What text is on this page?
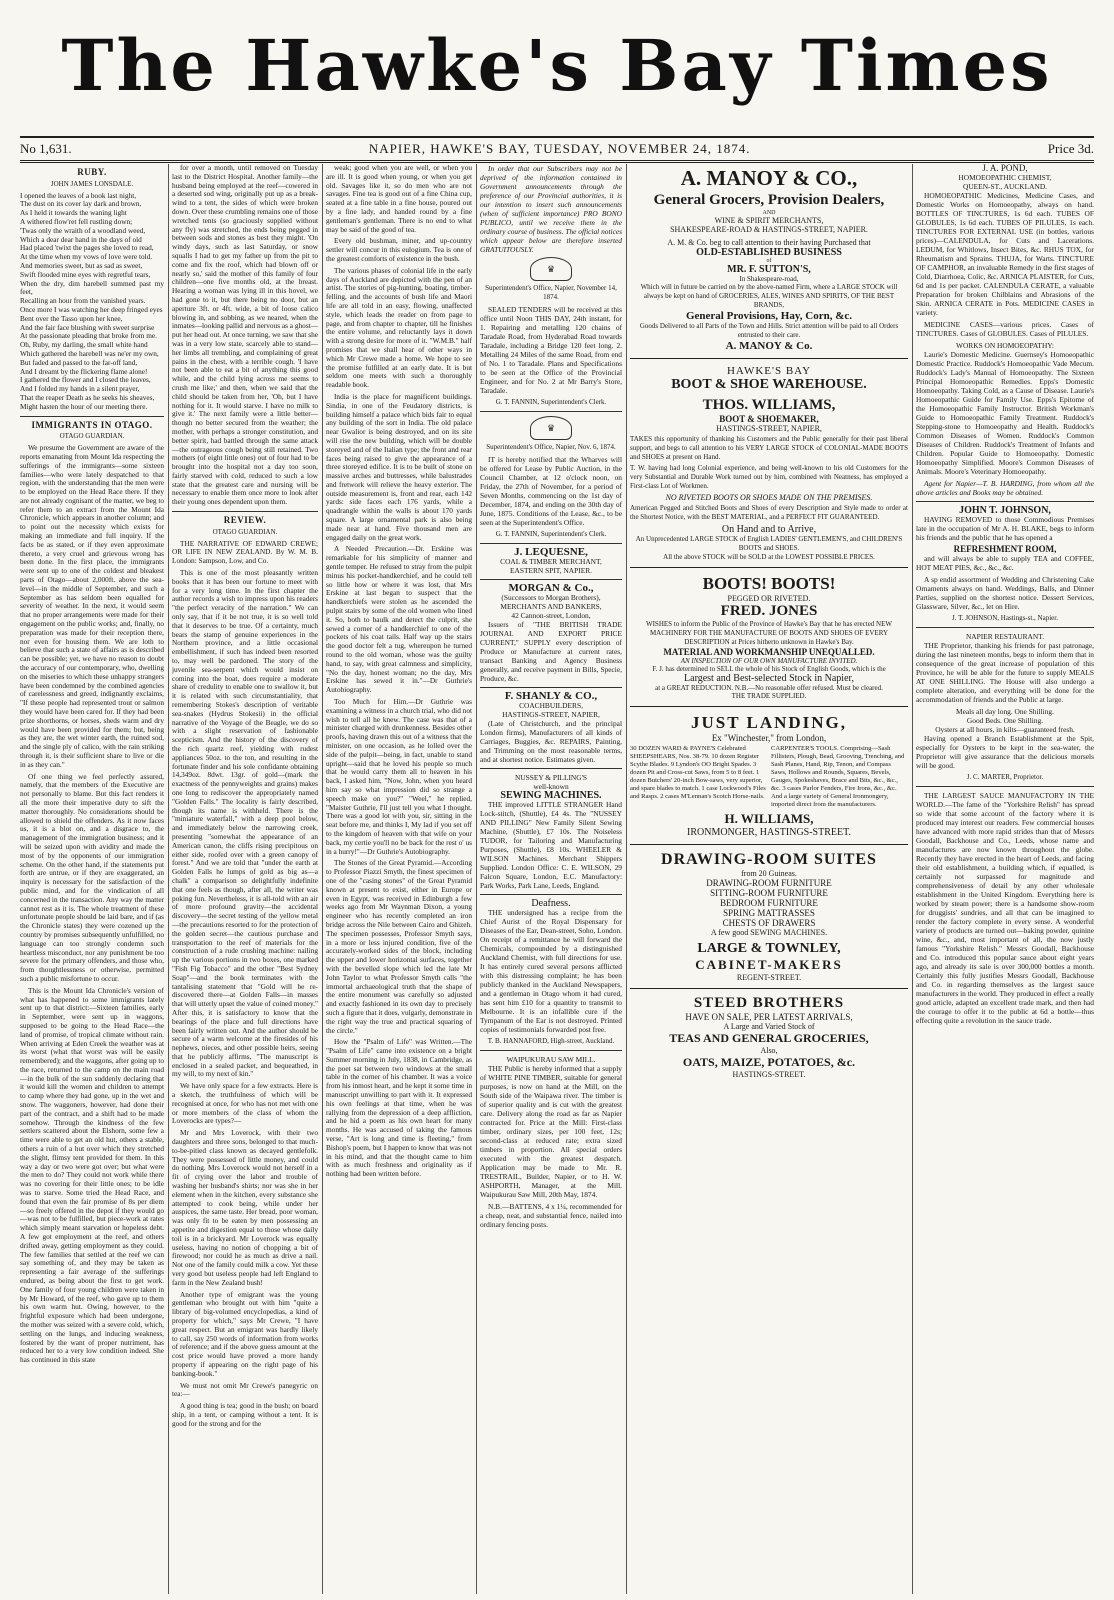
The Hawke's Bay Times
No 1,631.	NAPIER, HAWKE'S BAY, TUESDAY, NOVEMBER 24, 1874.	Price 3d.
RUBY.
JOHN JAMES LONSDALE.

I opened the leaves of a book last night,

The dust on its cover lay dark and brown,

As I held it towards the waning light

A withered flow'ret fell rustling down;

'Twas only the wraith of a woodland weed,

Which a dear dear hand in the days of old

Had placed 'twixt the pages she loved to read,

At the time when my vows of love were told.

And memories sweet, but as sad as sweet,

Swift flooded mine eyes with regretful tears,

When the dry, dim harebell summed past my feet,

Recalling an hour from the vanished years.

Once more I was watching her deep fringed eyes

Bent over the Tasso upon her knee,

And the fair face blushing with sweet surprise

At the passionate pleading that broke from me.

Oh, Ruby, my darling, the small white hand

Which gathered the harebell was ne'er my own,

But faded and passed to the far-off land,

And I dreamt by the flickering flame alone!

I gathered the flower and I closed the leaves,

And I folded my hands in a silent prayer,

That the reaper Death as he seeks his sheaves,

Might hasten the hour of our meeting there.

IMMIGRANTS IN OTAGO.
OTAGO GUARDIAN.

We presume the Government are aware of the reports emanating from Mount Ida respecting the sufferings of the immigrants—some sixteen families—who were lately despatched to that region, with the understanding that the men were to be employed on the Head Race there. If they are not already cognisant of the matter, we beg to refer them to an extract from the Mount Ida Chronicle, which appears in another column; and to point out the necessity which exists for making an immediate and full inquiry. If the facts be as stated, or if they even approximate thereto, a very cruel and grievous wrong has been done. In the first place, the immigrants were sent up to one of the coldest and bleakest parts of Otago—about 2,000ft. above the sea-level—in the middle of September, and such a September as has seldom been equalled for severity of weather. In the next, it would seem that no proper arrangements were made for their engagement on the public works; and, finally, no preparation was made for their reception there, nor even for housing them. We are loth to believe that such a state of affairs as is described can be possible; yet, we have no reason to doubt the accuracy of our contemporary, who, dwelling on the miseries to which these unhappy strangers have been condemned by the combined agencies of carelessness and greed, indignantly exclaims, "If these people had represented trout or salmon they would have been cared for. If they had been prize shorthorns, or horses, sheds warm and dry would have been provided for them; but, being as they are, the wet winter earth, the ruined sod, and the single ply of calico, with the rain striking through it, is their sufficient share to live or die in as they can."

Of one thing we feel perfectly assured, namely, that the members of the Executive are not personally to blame. But this fact renders it all the more their imperative duty to sift the matter thoroughly. No considerations should be allowed to shield the offenders. As it now faces us, it is a blot on, and a disgrace to, the management of the immigration business; and it will be seized upon with avidity and made the most of by the opponents of our immigration scheme. On the other hand, if the statements put forth are untrue, or if they are exaggerated, an inquiry is necessary for the satisfaction of the public mind, and for the vindication of all concerned in the transaction. Any way the matter cannot rest as it is. The whole treatment of these unfortunate people should be laid bare, and if (as the Chronicle states) they were cozened up the country by promises subsequently unfulfilled, no language can too strongly condemn such heartless misconduct, nor any punishment be too severe for the primary offenders, and those who, from thoughtlessness or otherwise, permitted such a public misfortune to occur.

This is the Mount Ida Chronicle's version of what has happened to some immigrants lately sent up to that district:—Sixteen families, early in September, were sent up in waggons, supposed to be going to the Head Race—the land of promise, of tropical climate without rain. When arriving at Eden Creek the weather was at its worst (what that worst was will be easily remembered); and the waggons, after going up to the race, returned to the camp on the main road—in the bulk of the sun suddenly declaring that it would kill the women and children to attempt to camp where they had gone, up in the wet and snow. The waggoners, however, had done their part of the contract, and a shift had to be made somehow. Through the kindness of the few settlers scattered about the Elshorn, some few a time were able to get an old hut, others a stable, others a ruin of a hut over which they stretched the slight, flimsy tent provided for them. In this way a day or two were got over; but what were the men to do? They could not work while there was no covering for their little ones; to be idle was to starve. Some tried the Head Race, and found that even the fair promise of 8s per diem—so freely offered in the depot if they would go—was not to be fulfilled, but piece-work at rates which simply meant starvation or hopeless debt. A few got employment at the reef, and others drifted away, getting employment as they could. The few families that settled at the reef we can say something of, and they may be taken as representing a fair average of the sufferings endured, as being about the first to get work. One family of four young children were taken in by Mr Howard, of the reef, who gave up to them his own warm hut. Owing, however, to the frightful exposure which had been undergone, the mother was seized with a severe cold, which, settling on the lungs, and inducing weakness, fostered by the want of proper nutriment, has reduced her to a very low condition indeed. She has continued in this state

for over a month, until removed on Tuesday last to the District Hospital. Another family—the husband being employed at the reef—cowered in a deserted sod wing, originally put up as a break-wind to a tent, the sides of which were broken down. Over these crumbling remains one of those wretched tents (so graciously supplied without any fly) was stretched, the ends being pegged in between sods and stones as best they might. 'On windy days, such as last Saturday, or snow squalls I had to get my father up from the pit to come and fix the roof, which had blown off or nearly so,' said the mother of this family of four children—one five months old, at the breast. Hearing a woman was lying ill in this hovel, we had gone to it, but there being no door, but an aperture 3ft. or 4ft. wide, a bit of loose calico blowing in, and sobbing, as we neared, when the inmates—looking pallid and nervous as a ghost—put her head out. At once turning, we saw that she was in a very low state, scarcely able to stand—her limbs all trembling, and complaining of great pains in the chest, with a terrible cough. 'I have not been able to eat a bit of anything this good while, and the child lying across me seems to crush me like;' and then, when we said that the child should be taken from her, 'Oh, but I have nothing for it. It would starve. I have no milk to give it.' The next family were a little better—though no better secured from the weather; the mother, with perhaps a stronger constitution, and better spirit, had battled through the same attack—the outrageous cough being still retained. Two mothers (of eight little ones) out of four had to be brought into the hospital not a day too soon, fairly starved with cold, reduced to such a low state that the greatest care and nursing will be necessary to enable them once more to look after their young ones dependent upon them.

REVIEW.
OTAGO GUARDIAN.

THE NARRATIVE OF EDWARD CREWE; OR LIFE IN NEW ZEALAND. By W. M. B. London: Sampson, Low, and Co.

This is one of the most pleasantly written books that it has been our fortune to meet with for a very long time. In the first chapter the author records a wish to impress upon his readers "the perfect veracity of the narration." We can only say, that if it be not true, it is so well told that it deserves to be true. Of a certainty, much bears the stamp of genuine experiences in the Northern province, and a little occasional embellishment, if such has indeed been resorted to, may well be pardoned. The story of the juvenile sea-serpent which would insist on coming into the boat, does require a moderate share of credulity to enable one to swallow it, but it is related with such circumstantiality, that remembering Stokes's description of veritable sea-snakes (Hydrus Stokesii) in the official narrative of the Voyage of the Beagle, we do so with a slight reservation of fashionable scepticism. And the history of the discovery of the rich quartz reef, yielding with rudest appliances 50oz. to the ton, and resulting in the fortunate finder and his sole confidante obtaining 14,349oz. 8dwt. 13gr. of gold—(mark the exactness of the pennyweights and grains) makes one long to rediscover the appropriately named "Golden Falls." The locality is fairly described, though its name is withheld. There is the "miniature waterfall," with a deep pool below, and immediately below the narrowing creek, presenting "somewhat the appearance of an American canon, the cliffs rising precipitous on either side, roofed over with a green canopy of forest." And we are told that "under the earth at Golden Falls he lumps of gold as big as—a chalk" a comparison so delightfully indefinite that one feels as though, after all, the writer was poking fun. Nevertheless, it is all-told with an air of more profound gravity—the accidental discovery—the secret testing of the yellow metal—the precautions resorted to for the protection of the golden secret—the cautious purchase and transportation to the reef of materials for the construction of a rude crushing machine: nailing up the various portions in two boxes, one marked "Fish Fig Tobacco" and the other "Best Sydney Soap"—and the book terminates with the tantalising statement that "Gold will be re-discovered there—at Golden Falls—in masses that will utterly upset the value of coined money." After this, it is satisfactory to know that the bearings of the place and full directions have been fairly written out. And the author should be secure of a warm welcome at the firesides of his nephews, nieces, and other possible heirs, seeing that he publicly affirms, "The manuscript is enclosed in a sealed packet, and bequeathed, in my will, to my next of kin."

We have only space for a few extracts. Here is a sketch, the truthfulness of which will be recognised at once, for who has not met with one or more members of the class of whom the Loverocks are types?—

Mr and Mrs Loverock, with their two daughters and three sons, belonged to that much-to-be-pitied class known as decayed gentlefolk. They were possessed of little money, and could do nothing. Mrs Loverock would not herself in a fit of crying over the labor and trouble of washing her husband's shirts; nor was she in her element when in the kitchen, every substance she attempted to cook being, while under her auspices, the same taste. Her bread, poor woman, was only fit to be eaten by men possessing an appetite and digestion equal to those whose daily toil is in a brickyard. Mr Loverock was equally useless, having no notion of chopping a bit of firewood; nor could he as much as drive a nail. Not one of the family could milk a cow. Yet these very good but useless people had left England to farm in the New Zealand bush!

Another type of emigrant was the young gentleman who brought out with him "quite a library of big-volumed encyclopedias, a kind of property for which," says Mr Crewe, "I have great respect. But an emigrant was hardly likely to call, say 250 words of information from works of reference; and if the above guess amount at the cost price would have proved a more handy property if appearing on the right page of his banking-book."

We must not omit Mr Crewe's panegyric on tea:—

A good thing is tea; good in the bush; on board ship, in a tent, or camping without a tent. It is good for the strong and for the

weak; good when you are well, or when you are ill. It is good when young, or when you get old. Savages like it, so do men who are not savages. Fine tea is good out of a fine China cup, seated at a fine table in a fine house, poured out by a fine lady, and handed round by a fine gentleman's gentleman. There is no end to what may be said of the good of tea.

Every old bushman, miner, and up-country settler will concur in this eulogium. Tea is one of the greatest comforts of existence in the bush.

The various phases of colonial life in the early days of Auckland are depicted with the pen of an artist. The stories of pig-hunting, boating, timber-felling, and the accounts of bush life and Maori life are all told in an easy, flowing, unaffected style, which leads the reader on from page to page, and from chapter to chapter, till he finishes the entire volume, and reluctantly lays it down with a strong desire for more of it. "W.M.B." half promises that we shall hear of other ways in which Mr Crewe made a home. We hope to see the promise fulfilled at an early date. It is but seldom one meets with such a thoroughly readable book.

India is the place for magnificent buildings. Sindia, in one of the Feudatory districts, is building himself a palace which bids fair to equal any building of the sort in India. The old palace near Gwalior is being destroyed, and on its site will rise the new building, which will be double storeyed and of the Italian type; the front and rear faces being raised to give the appearance of a three storeyed edifice. It is to be built of stone on massive arches and buttresses, while balustrades and fretwork will relieve the heavy exterior. The outside measurement is, front and rear, each 142 yards: side faces each 176 yards, while a quadrangle within the walls is about 170 yards square. A large ornamental park is also being made near at hand. Five thousand men are engaged daily on the great work.

A Needed Precaution.—Dr. Erskine was remarkable for his simplicity of manner and gentle temper. He refused to stray from the pulpit minus his pocket-handkerchief, and he could tell so little how or where it was lost, that Mrs Erskine at last began to suspect that the handkerchiefs were stolen as he ascended the pulpit stairs by some of the old women who lined it. So, both to baulk and detect the culprit, she sewed a corner of a handkerchief to one of the pockets of his coat tails. Half way up the stairs the good doctor felt a tug, whereupon he turned round to the old woman, whose was the guilty hand, to say, with great calmness and simplicity, "No the day, honest woman; no the day, Mrs Erskine has sewed it in."—Dr Guthrie's Autobiography.

Too Much for Him.—Dr Guthrie was examining a witness in a church trial, who did not wish to tell all he knew. The case was that of a minister charged with drunkenness. Besides other proofs, having drawn this out of a witness that the minister, on one occasion, as he lolled over the side of the pulpit—being, in fact, unable to stand upright—said that he loved his people so much that he would carry them all to heaven in his back, I asked him, "Now, John, when you heard him say so what impression did so strange a speech make on you?" "Weel," he replied, "Maister Guthrie, I'll just tell you what I thought. There was a good lot with you, sir, sitting in the seat before me, and thinks I, My lad if you set off to the kingdom of heaven with that wife on your back, my certie you'll no be back for the rest o' us in a hurry!"—Dr Guthrie's Autobiography.

The Stones of the Great Pyramid.—According to Professor Piazzi Smyth, the finest specimen of one of the "casing stones" of the Great Pyramid known at present to exist, either in Europe or even in Egypt, was received in Edinburgh a few weeks ago from Mr Waynman Dixon, a young engineer who has recently completed an iron bridge across the Nile between Cairo and Ghizeh. The specimen possesses, Professor Smyth says, in a more or less injured condition, five of the accurately-worked sides of the block, including the upper and lower horizontal surfaces, together with the bevelled slope which led the late Mr John Taylor to what Professor Smyth calls "the immortal archaeological truth that the shape of the entire monument was carefully so adjusted and exactly fashioned in its own day to precisely such a figure that it does, vulgarly, demonstrate in the right way the true and practical squaring of the circle."

How the "Psalm of Life" was Written.—The "Psalm of Life" came into existence on a bright Summer morning in July, 1838, in Cambridge, as the poet sat between two windows at the small table in the corner of his chamber. It was a voice from his inmost heart, and he kept it some time in manuscript unwilling to part with it. It expressed his own feelings at that time, when he was rallying from the depression of a deep affliction, and he hid a poem as his own heart for many months. He was accused of taking the famous verse, "Art is long and time is fleeting," from Bishop's poem, but I happen to know that was not in his mind, and that the thought came to him with as much freshness and originality as if nothing had been written before.

In order that our Subscribers may not be deprived of the information contained in Government announcements through the preference of our Provincial authorities, it is our intention to insert such announcements (when of sufficient importance) PRO BONO PUBLICO, until we receive them in the ordinary course of business. The official notices which appear below are therefore inserted GRATUITOUSLY.

♛
Superintendent's Office, Napier, November 14, 1874.

SEALED TENDERS will be received at this office until Noon THIS DAY, 24th instant, for 1. Repairing and metalling 120 chains of Taradale Road, from Hyderabad Road towards Taradale, including a Bridge 120 feet long. 2. Metalling 24 Miles of the same Road, from end of No. 1 to Taradale. Plans and Specifications to be seen at the Office of the Provincial Engineer, and for No. 2 at Mr Barry's Store, Taradale.

G. T. FANNIN, Superintendent's Clerk.
♛
Superintendent's Office, Napier, Nov. 6, 1874.

IT is hereby notified that the Wharves will be offered for Lease by Public Auction, in the Council Chamber, at 12 o'clock noon, on Friday, the 27th of November, for a period of Seven Months, commencing on the 1st day of December, 1874, and ending on the 30th day of June, 1875. Conditions of the Lease, &c., to be seen at the Superintendent's Office.

G. T. FANNIN, Superintendent's Clerk.
J. LEQUESNE,
COAL & TIMBER MERCHANT,
EASTERN SPIT, NAPIER.
MORGAN & Co.,
(Successors to Morgan Brothers),
MERCHANTS AND BANKERS,
42 Cannon-street, London,

Issuers of "THE BRITISH TRADE JOURNAL AND EXPORT PRICE CURRENT," SUPPLY every description of Produce or Manufacture at current rates, transact Banking and Agency Business generally, and receive payment in Bills, Specie, Produce, &c.

F. SHANLY & CO.,
COACHBUILDERS,
HASTINGS-STREET, NAPIER,

(Late of Christchurch, and the principal London firms), Manufacturers of all kinds of Carriages, Buggies, &c. REPAIRS, Painting, and Trimming on the most reasonable terms, and at shortest notice. Estimates given.

NUSSEY & PILLING'S
well-known
SEWING MACHINES.

THE improved LITTLE STRANGER Hand Lock-stitch, (Shuttle), £4 4s. The "NUSSEY AND PILLING" New Family Silent Sewing Machine, (Shuttle), £7 10s. The Noiseless TUDOR, for Tailoring and Manufacturing Purposes, (Shuttle), £8 10s. WHEELER & WILSON Machines. Merchant Shippers Supplied. London Office: C. E. WILSON, 29 Falcon Square, London, E.C. Manufactory: Park Works, Park Lane, Leeds, England.

Deafness.

THE undersigned has a recipe from the Chief Aurist of the Royal Dispensary for Diseases of the Ear, Dean-street, Soho, London. On receipt of a remittance he will forward the Chemicals, compounded by a distinguished Auckland Chemist, with full directions for use. It has entirely cured several persons afflicted with this distressing complaint; he has been publicly thanked in the Auckland Newspapers, and a gentleman in Otago whom it had cured, has sent him £10 for a quantity to transmit to Melbourne. It is an infallible cure if the Tympanum of the Ear is not destroyed. Printed copies of testimonials forwarded post free.

T. B. HANNAFORD, High-street, Auckland.
WAIPUKURAU SAW MILL.

THE Public is hereby informed that a supply of WHITE PINE TIMBER, suitable for general purposes, is now on hand at the Mill, on the South side of the Waipawa river. The timber is of superior quality and is cut with the greatest care. Delivery along the road as far as Napier contracted for. Price at the Mill: First-class timber, ordinary sizes, per 100 feet, 12s; second-class at reduced rate; extra sized timbers in proportion. All special orders executed with the greatest despatch. Application may be made to Mr. R. TRESTRAIL, Builder, Napier, or to H. W. ASHPORTH, Manager, at the Mill. Waipukurau Saw Mill, 20th May, 1874.

N.B.—BATTENS, 4 x 1¼, recommended for a cheap, neat, and substantial fence, nailed into ordinary fencing posts.

A. MANOY & CO.,
General Grocers, Provision Dealers,
AND
WINE & SPIRIT MERCHANTS,
SHAKESPEARE-ROAD & HASTINGS-STREET, NAPIER.
A. M. & Co. beg to call attention to their having Purchased that
OLD-ESTABLISHED BUSINESS
of
MR. F. SUTTON'S,
In Shakespeare-road,
Which will in future be carried on by the above-named Firm, where a LARGE STOCK will always be kept on hand of GROCERIES, ALES, WINES AND SPIRITS, OF THE BEST BRANDS,
General Provisions, Hay, Corn, &c.
Goods Delivered to all Parts of the Town and Hills. Strict attention will be paid to all Orders entrusted to their care.
A. MANOY & Co.
HAWKE'S BAY
BOOT & SHOE WAREHOUSE.
THOS. WILLIAMS,
BOOT & SHOEMAKER,
HASTINGS-STREET, NAPIER,

TAKES this opportunity of thanking his Customers and the Public generally for their past liberal support, and begs to call attention to his VERY LARGE STOCK of COLONIAL-MADE BOOTS and SHOES at present on Hand.

T. W. having had long Colonial experience, and being well-known to his old Customers for the very Substantial and Durable Work turned out by him, combined with Neatness, has employed a First-class Lot of Workmen.

NO RIVETED BOOTS OR SHOES MADE ON THE PREMISES.

American Pegged and Stitched Boots and Shoes of every Description and Style made to order at the Shortest Notice, with the BEST MATERIAL, and a PERFECT FIT GUARANTEED.

On Hand and to Arrive,
An Unprecedented LARGE STOCK of English LADIES' GENTLEMEN'S, and CHILDREN'S BOOTS and SHOES.
All the above STOCK will be SOLD at the LOWEST POSSIBLE PRICES.
BOOTS! BOOTS!
PEGGED OR RIVETED.
FRED. JONES
WISHES to inform the Public of the Province of Hawke's Bay that he has erected NEW MACHINERY FOR THE MANUFACTURE OF BOOTS AND SHOES OF EVERY DESCRIPTION at Prices hitherto unknown in Hawke's Bay.
MATERIAL AND WORKMANSHIP UNEQUALLED.
AN INSPECTION OF OUR OWN MANUFACTURE INVITED.
F. J. has determined to SELL the whole of his Stock of English Goods, which is the
Largest and Best-selected Stock in Napier,
at a GREAT REDUCTION. N.B.—No reasonable offer refused. Must be cleared.
THE TRADE SUPPLIED.
JUST LANDING,
Ex "Winchester," from London,
30 DOZEN WARD & PAYNE'S Celebrated SHEEPSHEARS, Nos. 38-79. 10 dozen Register Scythe Blades. 9 Lyndon's OO Bright Spades. 3 dozen Pit and Cross-cut Saws, from 5 to 8 feet. 1 dozen Butchers' 20-inch Bow-saws, very superior, and spare blades to match. 1 case Lockwood's Files and Rasps. 2 cases M'Lennan's Scotch Horse-nails.
CARPENTER'S TOOLS. Comprising—Sash Fillisters, Plough, Bead, Grooving, Trenching, and Sash Planes, Hand, Rip, Tenon, and Compass Saws, Hollows and Rounds, Squares, Bevels, Gauges, Spokeshaves, Brace and Bits, &c., &c., &c. 3 cases Parlor Fenders, Fire Irons, &c., &c. And a large variety of General Ironmongery, imported direct from the manufacturers.
H. WILLIAMS,
IRONMONGER, HASTINGS-STREET.
DRAWING-ROOM SUITES
from 20 Guineas.
DRAWING-ROOM FURNITURE
SITTING-ROOM FURNITURE
BEDROOM FURNITURE
SPRING MATTRASSES
CHESTS OF DRAWERS
A few good SEWING MACHINES.
LARGE & TOWNLEY,
CABINET-MAKERS
REGENT-STREET.
STEED BROTHERS
HAVE ON SALE, PER LATEST ARRIVALS,
A Large and Varied Stock of
TEAS AND GENERAL GROCERIES,
Also,
OATS, MAIZE, POTATOES, &c.
HASTINGS-STREET.
J. A. POND,
HOMOEOPATHIC CHEMIST,
QUEEN-ST., AUCKLAND.

HOMOEOPATHIC Medicines, Medicine Cases, and Domestic Works on Homoeopathy, always on hand. BOTTLES OF TINCTURES, 1s 6d each. TUBES OF GLOBULES, 1s 6d each. TUBES OF PILULES, 1s each. TINCTURES FOR EXTERNAL USE (in bottles, various prices)—CALENDULA, for Cuts and Lacerations. LEDUM, for Whitlows, Insect Bites, &c. RHUS TOX, for Rheumatism and Sprains. THUJA, for Warts. TINCTURE OF CAMPHOR, an invaluable Remedy in the first stages of Cold, Diarrhoea, Colic, &c. ARNICA PLAISTER, for Cuts, 6d and 1s per packet. CALENDULA CERATE, a valuable Preparation for broken Chilblains and Abrasions of the Skin. ARNICA CERATE in Pots. MEDICINE CASES in variety.

MEDICINE CASES—various prices. Cases of TINCTURES. Cases of GLOBULES. Cases of PILULES.

WORKS ON HOMOEOPATHY:

Laurie's Domestic Medicine. Guernsey's Homoeopathic Domestic Practice. Ruddock's Homoeopathic Vade Mecum. Ruddock's Lady's Manual of Homoeopathy. The Sixteen Principal Homoeopathic Remedies. Epps's Domestic Homoeopathy. Taking Cold, as a Cause of Disease. Laurie's Homoeopathic Guide for Family Use. Epps's Epitome of the Homoeopathic Family Instructor. British Workman's Guide to Homoeopathic Family Treatment. Ruddock's Stepping-stone to Homoeopathy and Health. Ruddock's Common Diseases of Women. Ruddock's Common Diseases of Children. Ruddock's Treatment of Infants and Children. Popular Guide to Homoeopathy. Domestic Homoeopathy Simplified. Moore's Common Diseases of Animals. Moore's Veterinary Homoeopathy.

Agent for Napier—T. B. HARDING, from whom all the above articles and Books may be obtained.

JOHN T. JOHNSON,

HAVING REMOVED to those Commodious Premises late in the occupation of Mr A. H. BLAKE, begs to inform his friends and the public that he has opened a

REFRESHMENT ROOM,

and will always be able to supply TEA and COFFEE, HOT MEAT PIES, &c., &c., &c.

A sp endid assortment of Wedding and Christening Cake Ornaments always on hand. Weddings, Balls, and Dinner Parties, supplied on the shortest notice. Dessert Services, Glassware, Silver, &c., let on Hire.

J. T. JOHNSON, Hastings-st., Napier.
NAPIER RESTAURANT.

THE Proprietor, thanking his friends for past patronage, during the last nineteen months, begs to inform them that in consequence of the great increase of population of this Province, he will be able for the future to supply MEALS AT ONE SHILLING. The House will also undergo a complete alteration, and everything will be done for the accommodation of friends and the Public at large.

Meals all day long. One Shilling.
Good Beds. One Shilling.
Oysters at all hours, in kilts—guaranteed fresh.

Having opened a Branch Establishment at the Spit, especially for Oysters to be kept in the sea-water, the Proprietor will give assurance that the delicious morsels will be good.

J. C. MARTER, Proprietor.

THE LARGEST SAUCE MANUFACTORY IN THE WORLD.—The fame of the "Yorkshire Relish" has spread so wide that some account of the factory where it is produced may interest our readers. Few commercial houses have advanced with more rapid strides than that of Messrs Goodall, Backhouse and Co., Leeds, whose name and manufactures are now known throughout the globe. Recently they have erected in the heart of Leeds, and facing their old establishment, a building which, if equalled, is certainly not surpassed for magnitude and comprehensiveness of detail by any other wholesale establishment in the United Kingdom. Everything here is worked by steam power; there is a handsome show-room for druggists' sundries, and all that can be imagined to render the factory complete in every sense. A wonderful variety of products are turned out—baking powder, quinine wine, &c., and, most important of all, the now justly famous "Yorkshire Relish." Messrs Goodall, Backhouse and Co. introduced this popular sauce about eight years ago, and already its sale is over 300,000 bottles a month. Certainly this fully justifies Messrs Goodall, Backhouse and Co. in regarding themselves as the largest sauce manufacturers in the world. They produced in effect a really good article, adapted an excellent trade mark, and then had the courage to offer it to the public at 6d a bottle—thus effecting quite a revolution in the sauce trade.
